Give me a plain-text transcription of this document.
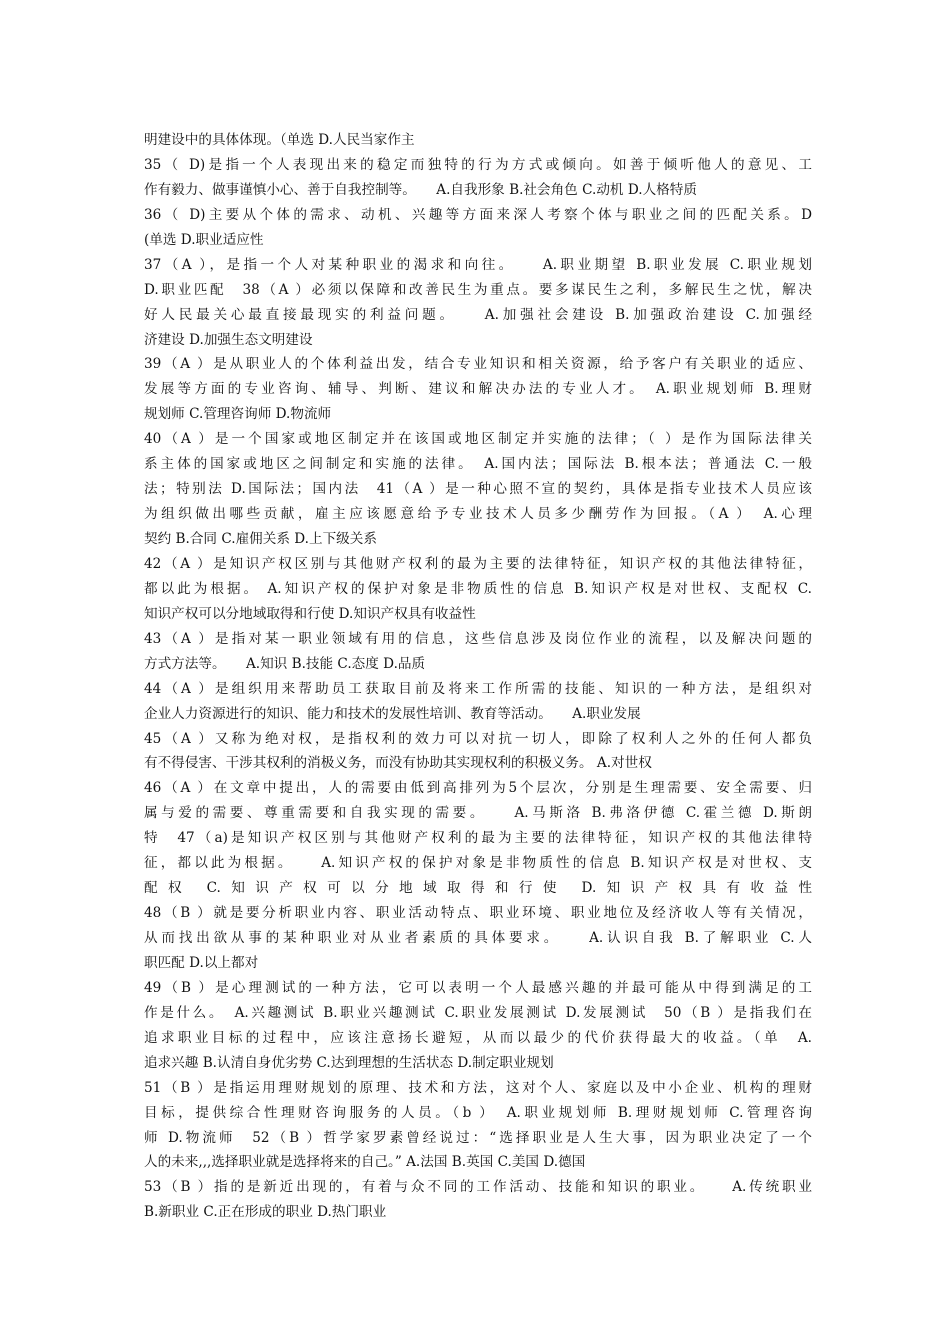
明建设中的具体体现。（单选 D.人民当家作主
35（ D)是指一个人表现出来的稳定而独特的行为方式或倾向。如善于倾听他人的意见、工
作有毅力、做事谨慎小心、善于自我控制等。　　A.自我形象 B.社会角色 C.动机 D.人格特质
36（ D)主要从个体的需求、动机、兴趣等方面来深人考察个体与职业之间的匹配关系。D
(单选 D.职业适应性
37（A ），是指一个人对某种职业的渴求和向往。　　A.职业期望 B.职业发展 C.职业规划
D.职业匹配　38（A ）必须以保障和改善民生为重点。要多谋民生之利，多解民生之忧，解决
好人民最关心最直接最现实的利益问题。　　A.加强社会建设 B.加强政治建设 C.加强经
济建设 D.加强生态文明建设
39（A ）是从职业人的个体利益出发，结合专业知识和相关资源，给予客户有关职业的适应、
发展等方面的专业咨询、辅导、判断、建议和解决办法的专业人才。　A.职业规划师 B.理财
规划师 C.管理咨询师 D.物流师
40（A ）是一个国家或地区制定并在该国或地区制定并实施的法律；（ ）是作为国际法律关
系主体的国家或地区之间制定和实施的法律。　A.国内法；国际法 B.根本法；普通法 C.一般
法；特别法 D.国际法；国内法　41（A ）是一种心照不宣的契约，具体是指专业技术人员应该
为组织做出哪些贡献，雇主应该愿意给予专业技术人员多少酬劳作为回报。（A ）　A.心理
契约 B.合同 C.雇佣关系 D.上下级关系
42（A ）是知识产权区别与其他财产权利的最为主要的法律特征，知识产权的其他法律特征，
都以此为根据。 A.知识产权的保护对象是非物质性的信息 B.知识产权是对世权、支配权 C.
知识产权可以分地域取得和行使 D.知识产权具有收益性
43（A ）是指对某一职业领域有用的信息，这些信息涉及岗位作业的流程，以及解决问题的
方式方法等。　　A.知识 B.技能 C.态度 D.品质
44（A ）是组织用来帮助员工获取目前及将来工作所需的技能、知识的一种方法，是组织对
企业人力资源进行的知识、能力和技术的发展性培训、教育等活动。　　A.职业发展
45（A ）又称为绝对权，是指权利的效力可以对抗一切人，即除了权利人之外的任何人都负
有不得侵害、干涉其权利的消极义务，而没有协助其实现权利的积极义务。 A.对世权
46（A ）在文章中提出，人的需要由低到高排列为5个层次，分别是生理需要、安全需要、归
属与爱的需要、尊重需要和自我实现的需要。　　A.马斯洛 B.弗洛伊德 C.霍兰德 D.斯朗
特　47（a)是知识产权区别与其他财产权利的最为主要的法律特征，知识产权的其他法律特
征，都以此为根据。　　A.知识产权的保护对象是非物质性的信息 B.知识产权是对世权、支
配权 C.知识产权可以分地域取得和行使 D.知识产权具有收益性
48（B ）就是要分析职业内容、职业活动特点、职业环境、职业地位及经济收人等有关情况，
从而找出欲从事的某种职业对从业者素质的具体要求。　　A.认识自我 B.了解职业 C.人
职匹配 D.以上都对
49（B ）是心理测试的一种方法，它可以表明一个人最感兴趣的并最可能从中得到满足的工
作是什么。　A.兴趣测试 B.职业兴趣测试 C.职业发展测试 D.发展测试　50（B ）是指我们在
追求职业目标的过程中，应该注意扬长避短，从而以最少的代价获得最大的收益。（单　A.
追求兴趣 B.认清自身优劣势 C.达到理想的生活状态 D.制定职业规划
51（B ）是指运用理财规划的原理、技术和方法，这对个人、家庭以及中小企业、机构的理财
目标，提供综合性理财咨询服务的人员。（b ）　A.职业规划师 B.理财规划师 C.管理咨询
师 D.物流师　52（B ）哲学家罗素曾经说过：“选择职业是人生大事，因为职业决定了一个
人的未来,,,选择职业就是选择将来的自己。” A.法国 B.英国 C.美国 D.德国
53（B ）指的是新近出现的，有着与众不同的工作活动、技能和知识的职业。　　A.传统职业
B.新职业 C.正在形成的职业 D.热门职业
